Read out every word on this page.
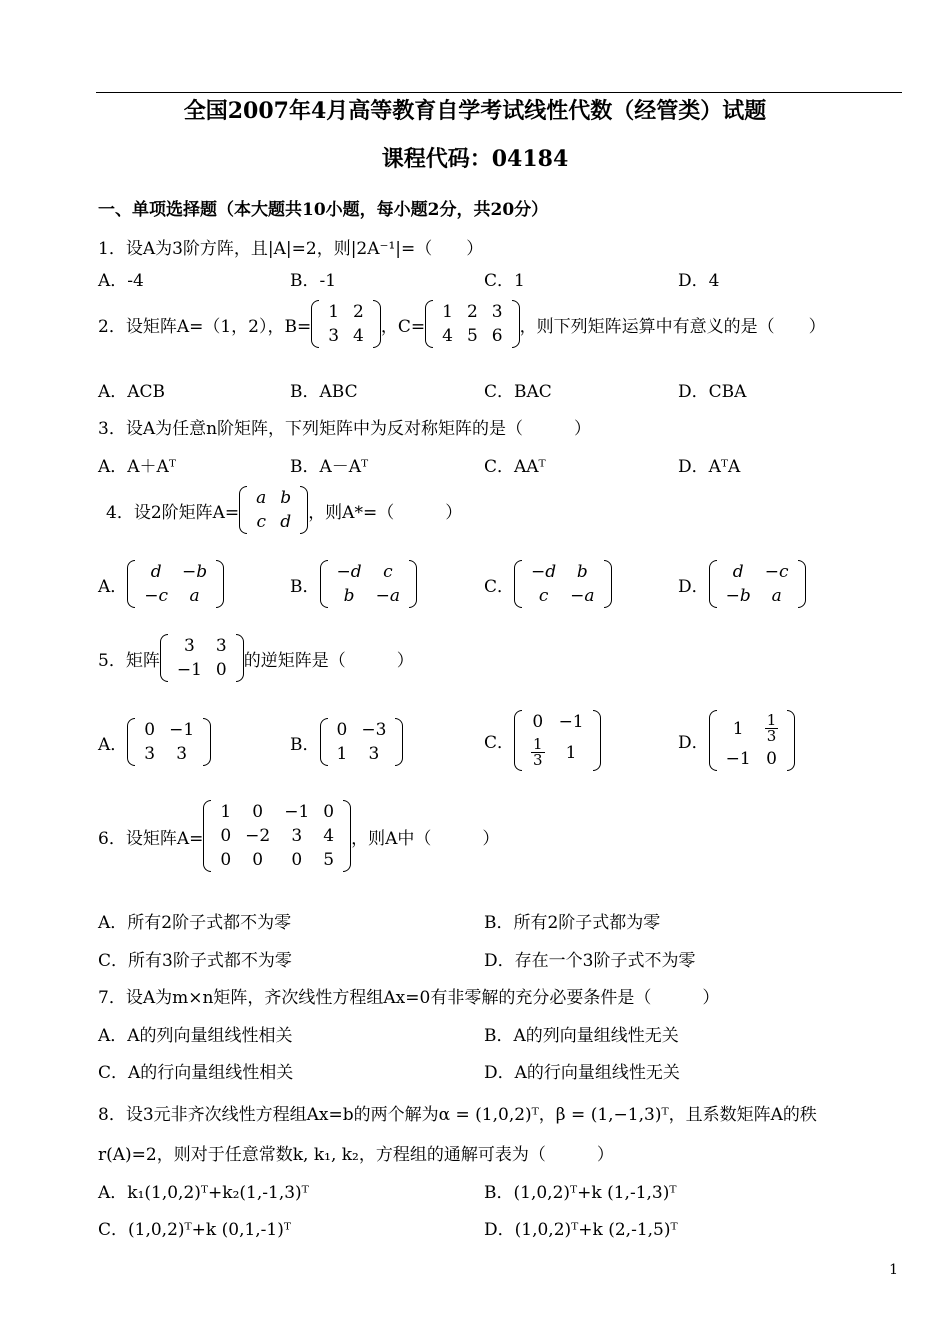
全国2007年4月高等教育自学考试线性代数（经管类）试题
课程代码：04184
一、单项选择题（本大题共10小题，每小题2分，共20分）
1．设A为3阶方阵，且|A|=2，则|2A⁻¹|=（　　）
A．-4	B．-1	C．1	D．4
2．设矩阵A=（1，2），B=
1	2
3	4 ，C=
1	2	3
4	5	6 ，则下列矩阵运算中有意义的是（　　）
A．ACB	B．ABC	C．BAC	D．CBA
3．设A为任意n阶矩阵，下列矩阵中为反对称矩阵的是（　　　）
A．A＋Aᵀ	B．A－Aᵀ	C．AAᵀ	D．AᵀA
4．设2阶矩阵A=
a	b
c	d ，则A*=（　　　）
A．
d	−b
−c	a	B．
−d	c
b	−a	C．
−d	b
c	−a	D．
d	−c
−b	a
5．矩阵
3	3
−1	0 的逆矩阵是（　　　）
A．
0	−1
3	3	B．
0	−3
1	3
C．
0	−1

$\frac{1}{3}$	1	D．
1	$\frac{1}{3}$

−1	0
6．设矩阵A=
1	0	−1	0
0	−2	3	4
0	0	0	5
，则A中（　　　）
A．所有2阶子式都不为零	B．所有2阶子式都为零
C．所有3阶子式都不为零	D．存在一个3阶子式不为零
7．设A为m×n矩阵，齐次线性方程组Ax=0有非零解的充分必要条件是（　　　）
A．A的列向量组线性相关	B．A的列向量组线性无关
C．A的行向量组线性相关	D．A的行向量组线性无关
8．设3元非齐次线性方程组Ax=b的两个解为α = (1,0,2)ᵀ，β = (1,−1,3)ᵀ，且系数矩阵A的秩
r(A)=2，则对于任意常数k, k₁, k₂，方程组的通解可表为（　　　）
A．k₁(1,0,2)ᵀ+k₂(1,-1,3)ᵀ	B．(1,0,2)ᵀ+k (1,-1,3)ᵀ
C．(1,0,2)ᵀ+k (0,1,-1)ᵀ	D．(1,0,2)ᵀ+k (2,-1,5)ᵀ
1
